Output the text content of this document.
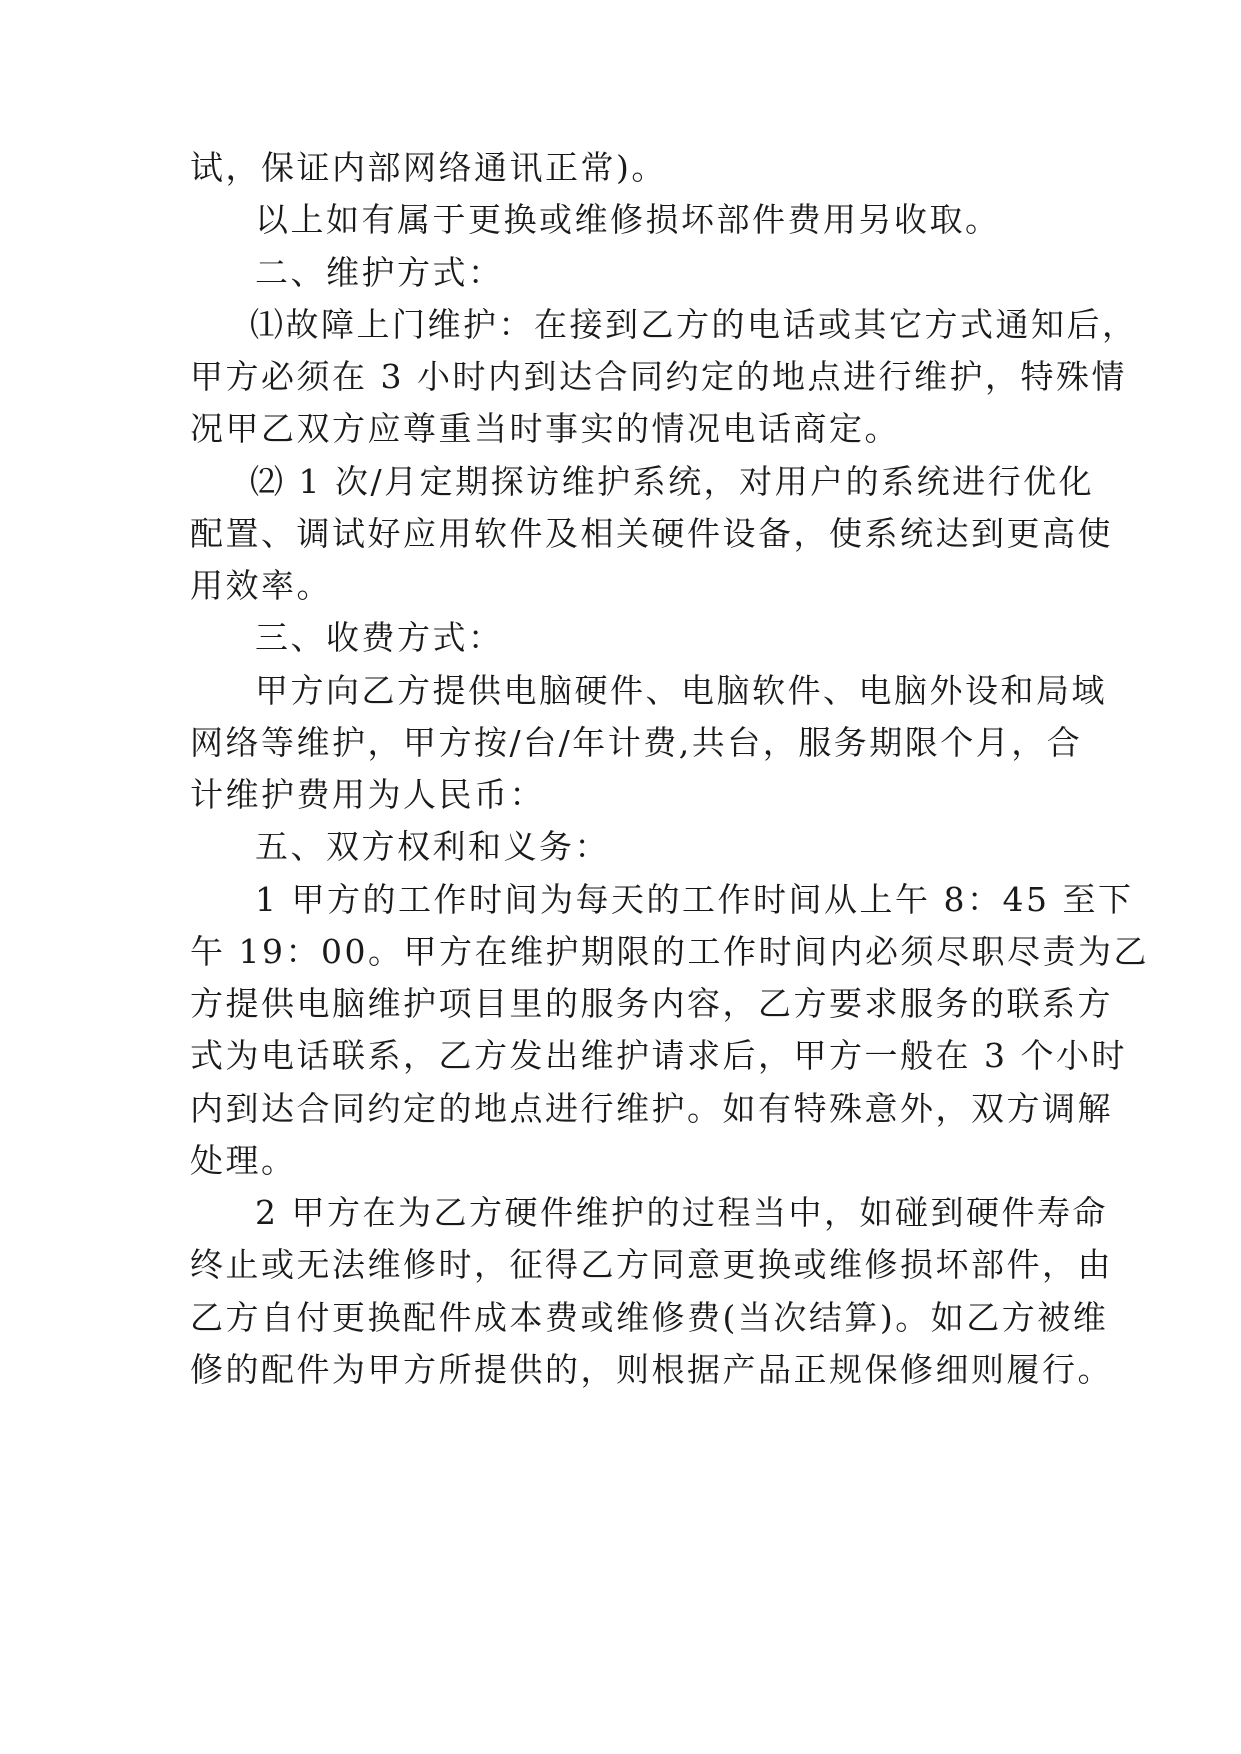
试，保证内部网络通讯正常)。

以上如有属于更换或维修损坏部件费用另收取。

二、维护方式：

⑴故障上门维护：在接到乙方的电话或其它方式通知后，

甲方必须在 3 小时内到达合同约定的地点进行维护，特殊情

况甲乙双方应尊重当时事实的情况电话商定。

⑵ 1 次/月定期探访维护系统，对用户的系统进行优化

配置、调试好应用软件及相关硬件设备，使系统达到更高使

用效率。

三、收费方式：

甲方向乙方提供电脑硬件、电脑软件、电脑外设和局域

网络等维护，甲方按/台/年计费,共台，服务期限个月，合

计维护费用为人民币：

五、双方权利和义务：

1 甲方的工作时间为每天的工作时间从上午 8：45 至下

午 19：00。甲方在维护期限的工作时间内必须尽职尽责为乙

方提供电脑维护项目里的服务内容，乙方要求服务的联系方

式为电话联系，乙方发出维护请求后，甲方一般在 3 个小时

内到达合同约定的地点进行维护。如有特殊意外，双方调解

处理。

2 甲方在为乙方硬件维护的过程当中，如碰到硬件寿命

终止或无法维修时，征得乙方同意更换或维修损坏部件，由

乙方自付更换配件成本费或维修费(当次结算)。如乙方被维

修的配件为甲方所提供的，则根据产品正规保修细则履行。
